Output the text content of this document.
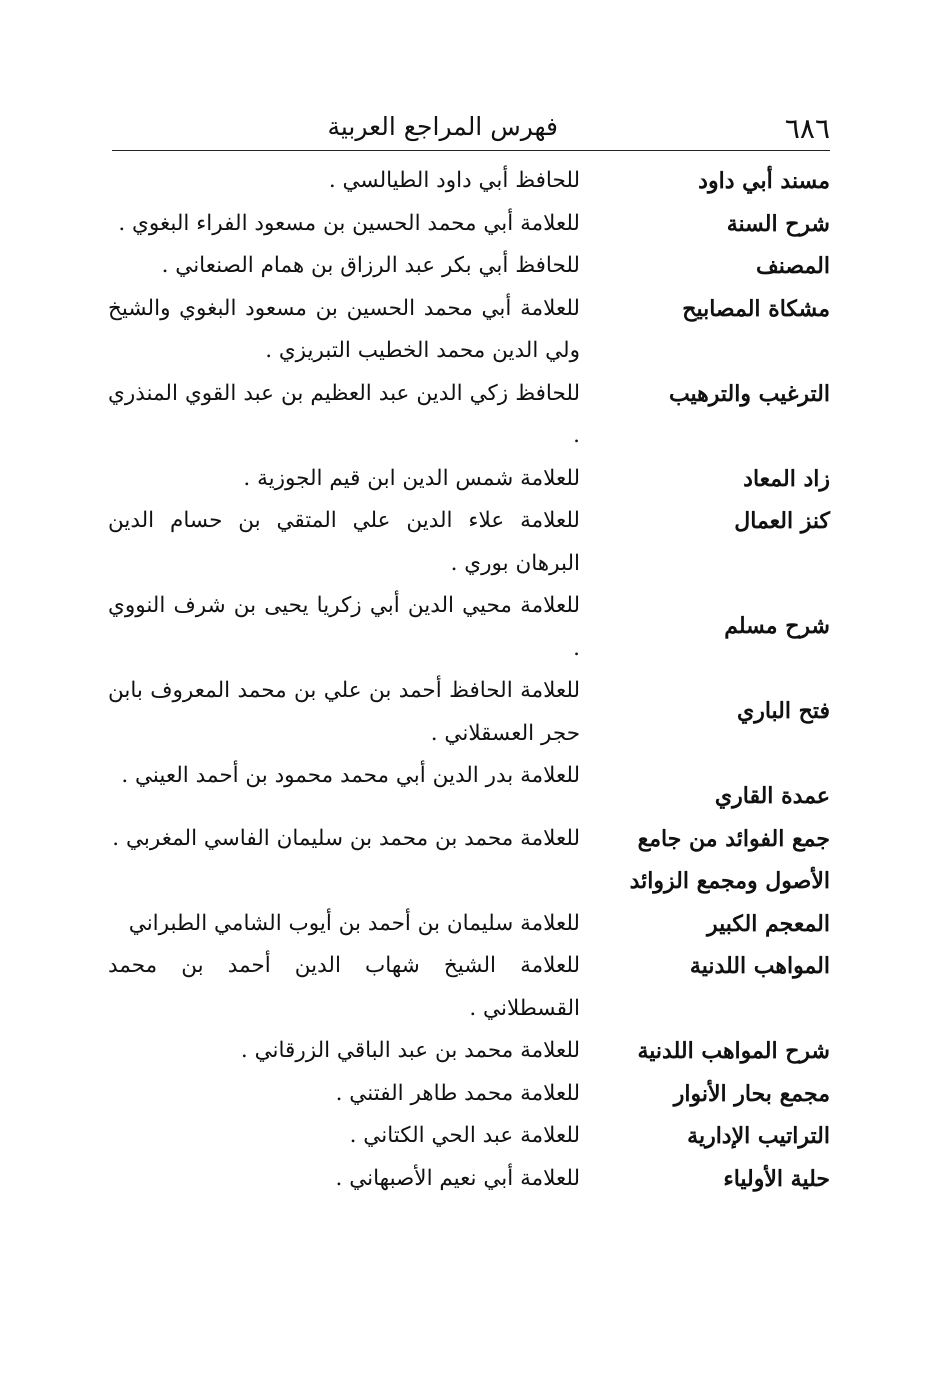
٦٨٦
فهرس المراجع العربية
مسند أبي داود
للحافظ أبي داود الطيالسي .
شرح السنة
للعلامة أبي محمد الحسين بن مسعود الفراء البغوي .
المصنف
للحافظ أبي بكر عبد الرزاق بن همام الصنعاني .
مشكاة المصابيح
للعلامة أبي محمد الحسين بن مسعود البغوي والشيخ ولي الدين محمد الخطيب التبريزي .
الترغيب والترهيب
للحافظ زكي الدين عبد العظيم بن عبد القوي المنذري .
زاد المعاد
للعلامة شمس الدين ابن قيم الجوزية .
كنز العمال
للعلامة علاء الدين علي المتقي بن حسام الدين البرهان بوري .
شرح مسلم
للعلامة محيي الدين أبي زكريا يحيى بن شرف النووي .
فتح الباري
للعلامة الحافظ أحمد بن علي بن محمد المعروف بابن حجر العسقلاني .
عمدة القاري
للعلامة بدر الدين أبي محمد محمود بن أحمد العيني .
جمع الفوائد من جامع
الأصول ومجمع الزوائد
للعلامة محمد بن محمد بن سليمان الفاسي المغربي .
المعجم الكبير
للعلامة سليمان بن أحمد بن أيوب الشامي الطبراني
المواهب اللدنية
للعلامة الشيخ شهاب الدين أحمد بن محمد القسطلاني .
شرح المواهب اللدنية
للعلامة محمد بن عبد الباقي الزرقاني .
مجمع بحار الأنوار
للعلامة محمد طاهر الفتني .
التراتيب الإدارية
للعلامة عبد الحي الكتاني .
حلية الأولياء
للعلامة أبي نعيم الأصبهاني .
